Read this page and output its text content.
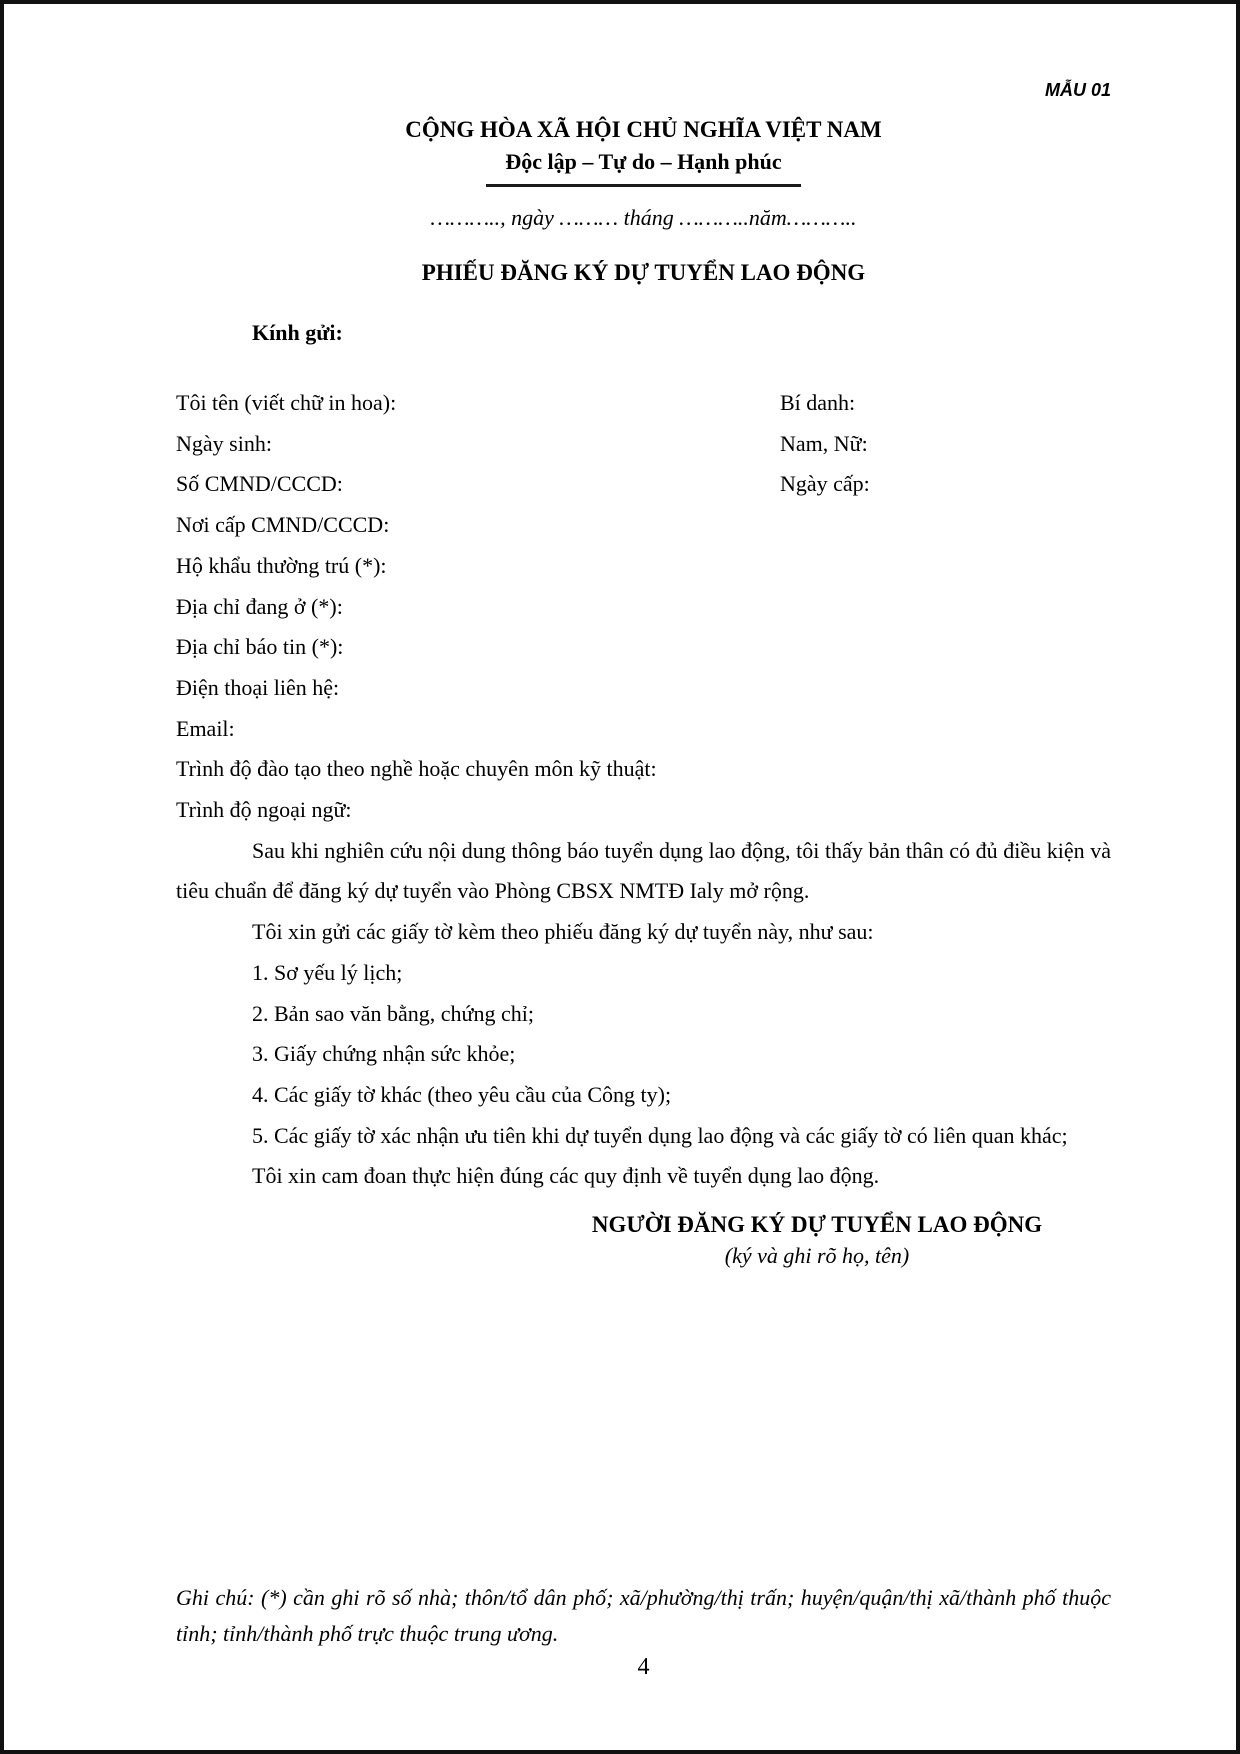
MẪU 01
CỘNG HÒA XÃ HỘI CHỦ NGHĨA VIỆT NAM
Độc lập – Tự do – Hạnh phúc
……….., ngày ……… tháng ………..năm………..
PHIẾU ĐĂNG KÝ DỰ TUYỂN LAO ĐỘNG
Kính gửi:
Tôi tên (viết chữ in hoa):	Bí danh:
Ngày sinh:	Nam, Nữ:
Số CMND/CCCD:	Ngày cấp:
Nơi cấp CMND/CCCD:
Hộ khẩu thường trú (*):
Địa chỉ đang ở (*):
Địa chỉ báo tin (*):
Điện thoại liên hệ:
Email:
Trình độ đào tạo theo nghề hoặc chuyên môn kỹ thuật:
Trình độ ngoại ngữ:

Sau khi nghiên cứu nội dung thông báo tuyển dụng lao động, tôi thấy bản thân có đủ điều kiện và tiêu chuẩn để đăng ký dự tuyển vào Phòng CBSX NMTĐ Ialy mở rộng.

Tôi xin gửi các giấy tờ kèm theo phiếu đăng ký dự tuyển này, như sau:

1. Sơ yếu lý lịch;

2. Bản sao văn bằng, chứng chỉ;

3. Giấy chứng nhận sức khỏe;

4. Các giấy tờ khác (theo yêu cầu của Công ty);

5. Các giấy tờ xác nhận ưu tiên khi dự tuyển dụng lao động và các giấy tờ có liên quan khác;

Tôi xin cam đoan thực hiện đúng các quy định về tuyển dụng lao động.

NGƯỜI ĐĂNG KÝ DỰ TUYỂN LAO ĐỘNG
(ký và ghi rõ họ, tên)
Ghi chú: (*) cần ghi rõ số nhà; thôn/tổ dân phố; xã/phường/thị trấn; huyện/quận/thị xã/thành phố thuộc tỉnh; tỉnh/thành phố trực thuộc trung ương.
4
